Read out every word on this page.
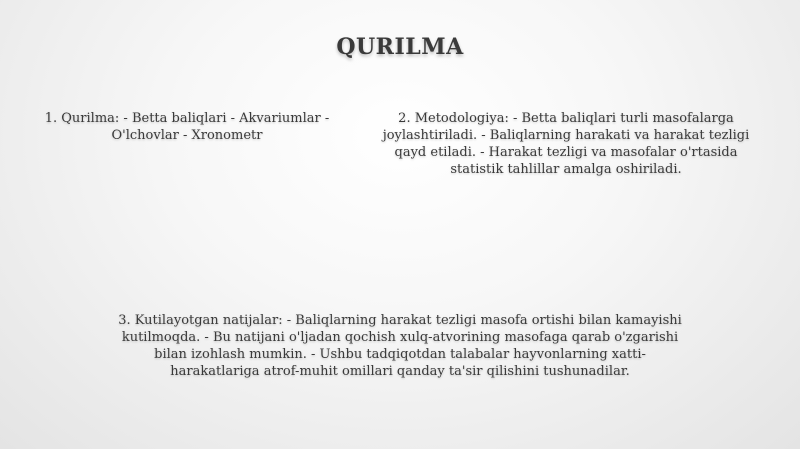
QURILMA
1. Qurilma: - Betta baliqlari - Akvariumlar - O'lchovlar - Xronometr
2. Metodologiya: - Betta baliqlari turli masofalarga joylashtiriladi. - Baliqlarning harakati va harakat tezligi qayd etiladi. - Harakat tezligi va masofalar o'rtasida statistik tahlillar amalga oshiriladi.
3. Kutilayotgan natijalar: - Baliqlarning harakat tezligi masofa ortishi bilan kamayishi kutilmoqda. - Bu natijani o'ljadan qochish xulq-atvorining masofaga qarab o'zgarishi bilan izohlash mumkin. - Ushbu tadqiqotdan talabalar hayvonlarning xatti-harakatlariga atrof-muhit omillari qanday ta'sir qilishini tushunadilar.
